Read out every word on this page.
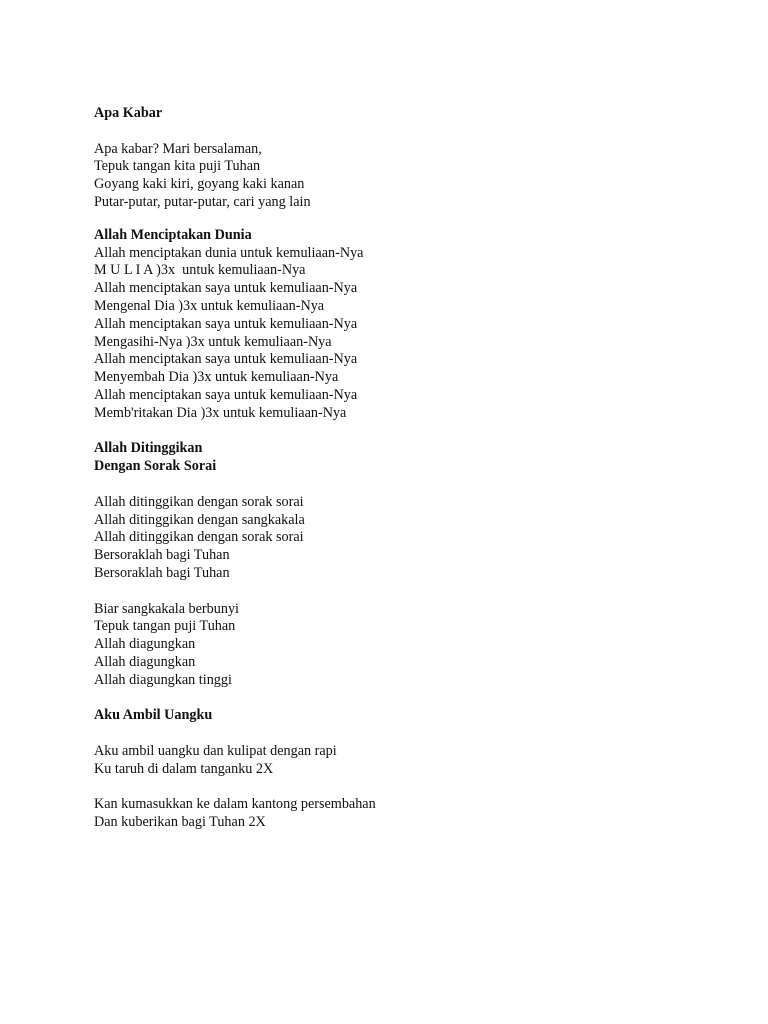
Apa Kabar
Apa kabar? Mari bersalaman,
Tepuk tangan kita puji Tuhan
Goyang kaki kiri, goyang kaki kanan
Putar-putar, putar-putar, cari yang lain
Allah Menciptakan Dunia
Allah menciptakan dunia untuk kemuliaan-Nya
M U L I A )3x  untuk kemuliaan-Nya
Allah menciptakan saya untuk kemuliaan-Nya
Mengenal Dia )3x untuk kemuliaan-Nya
Allah menciptakan saya untuk kemuliaan-Nya
Mengasihi-Nya )3x untuk kemuliaan-Nya
Allah menciptakan saya untuk kemuliaan-Nya
Menyembah Dia )3x untuk kemuliaan-Nya
Allah menciptakan saya untuk kemuliaan-Nya
Memb'ritakan Dia )3x untuk kemuliaan-Nya
Allah Ditinggikan
Dengan Sorak Sorai
Allah ditinggikan dengan sorak sorai
Allah ditinggikan dengan sangkakala
Allah ditinggikan dengan sorak sorai
Bersoraklah bagi Tuhan
Bersoraklah bagi Tuhan
Biar sangkakala berbunyi
Tepuk tangan puji Tuhan
Allah diagungkan
Allah diagungkan
Allah diagungkan tinggi
Aku Ambil Uangku
Aku ambil uangku dan kulipat dengan rapi
Ku taruh di dalam tanganku 2X
Kan kumasukkan ke dalam kantong persembahan
Dan kuberikan bagi Tuhan 2X
